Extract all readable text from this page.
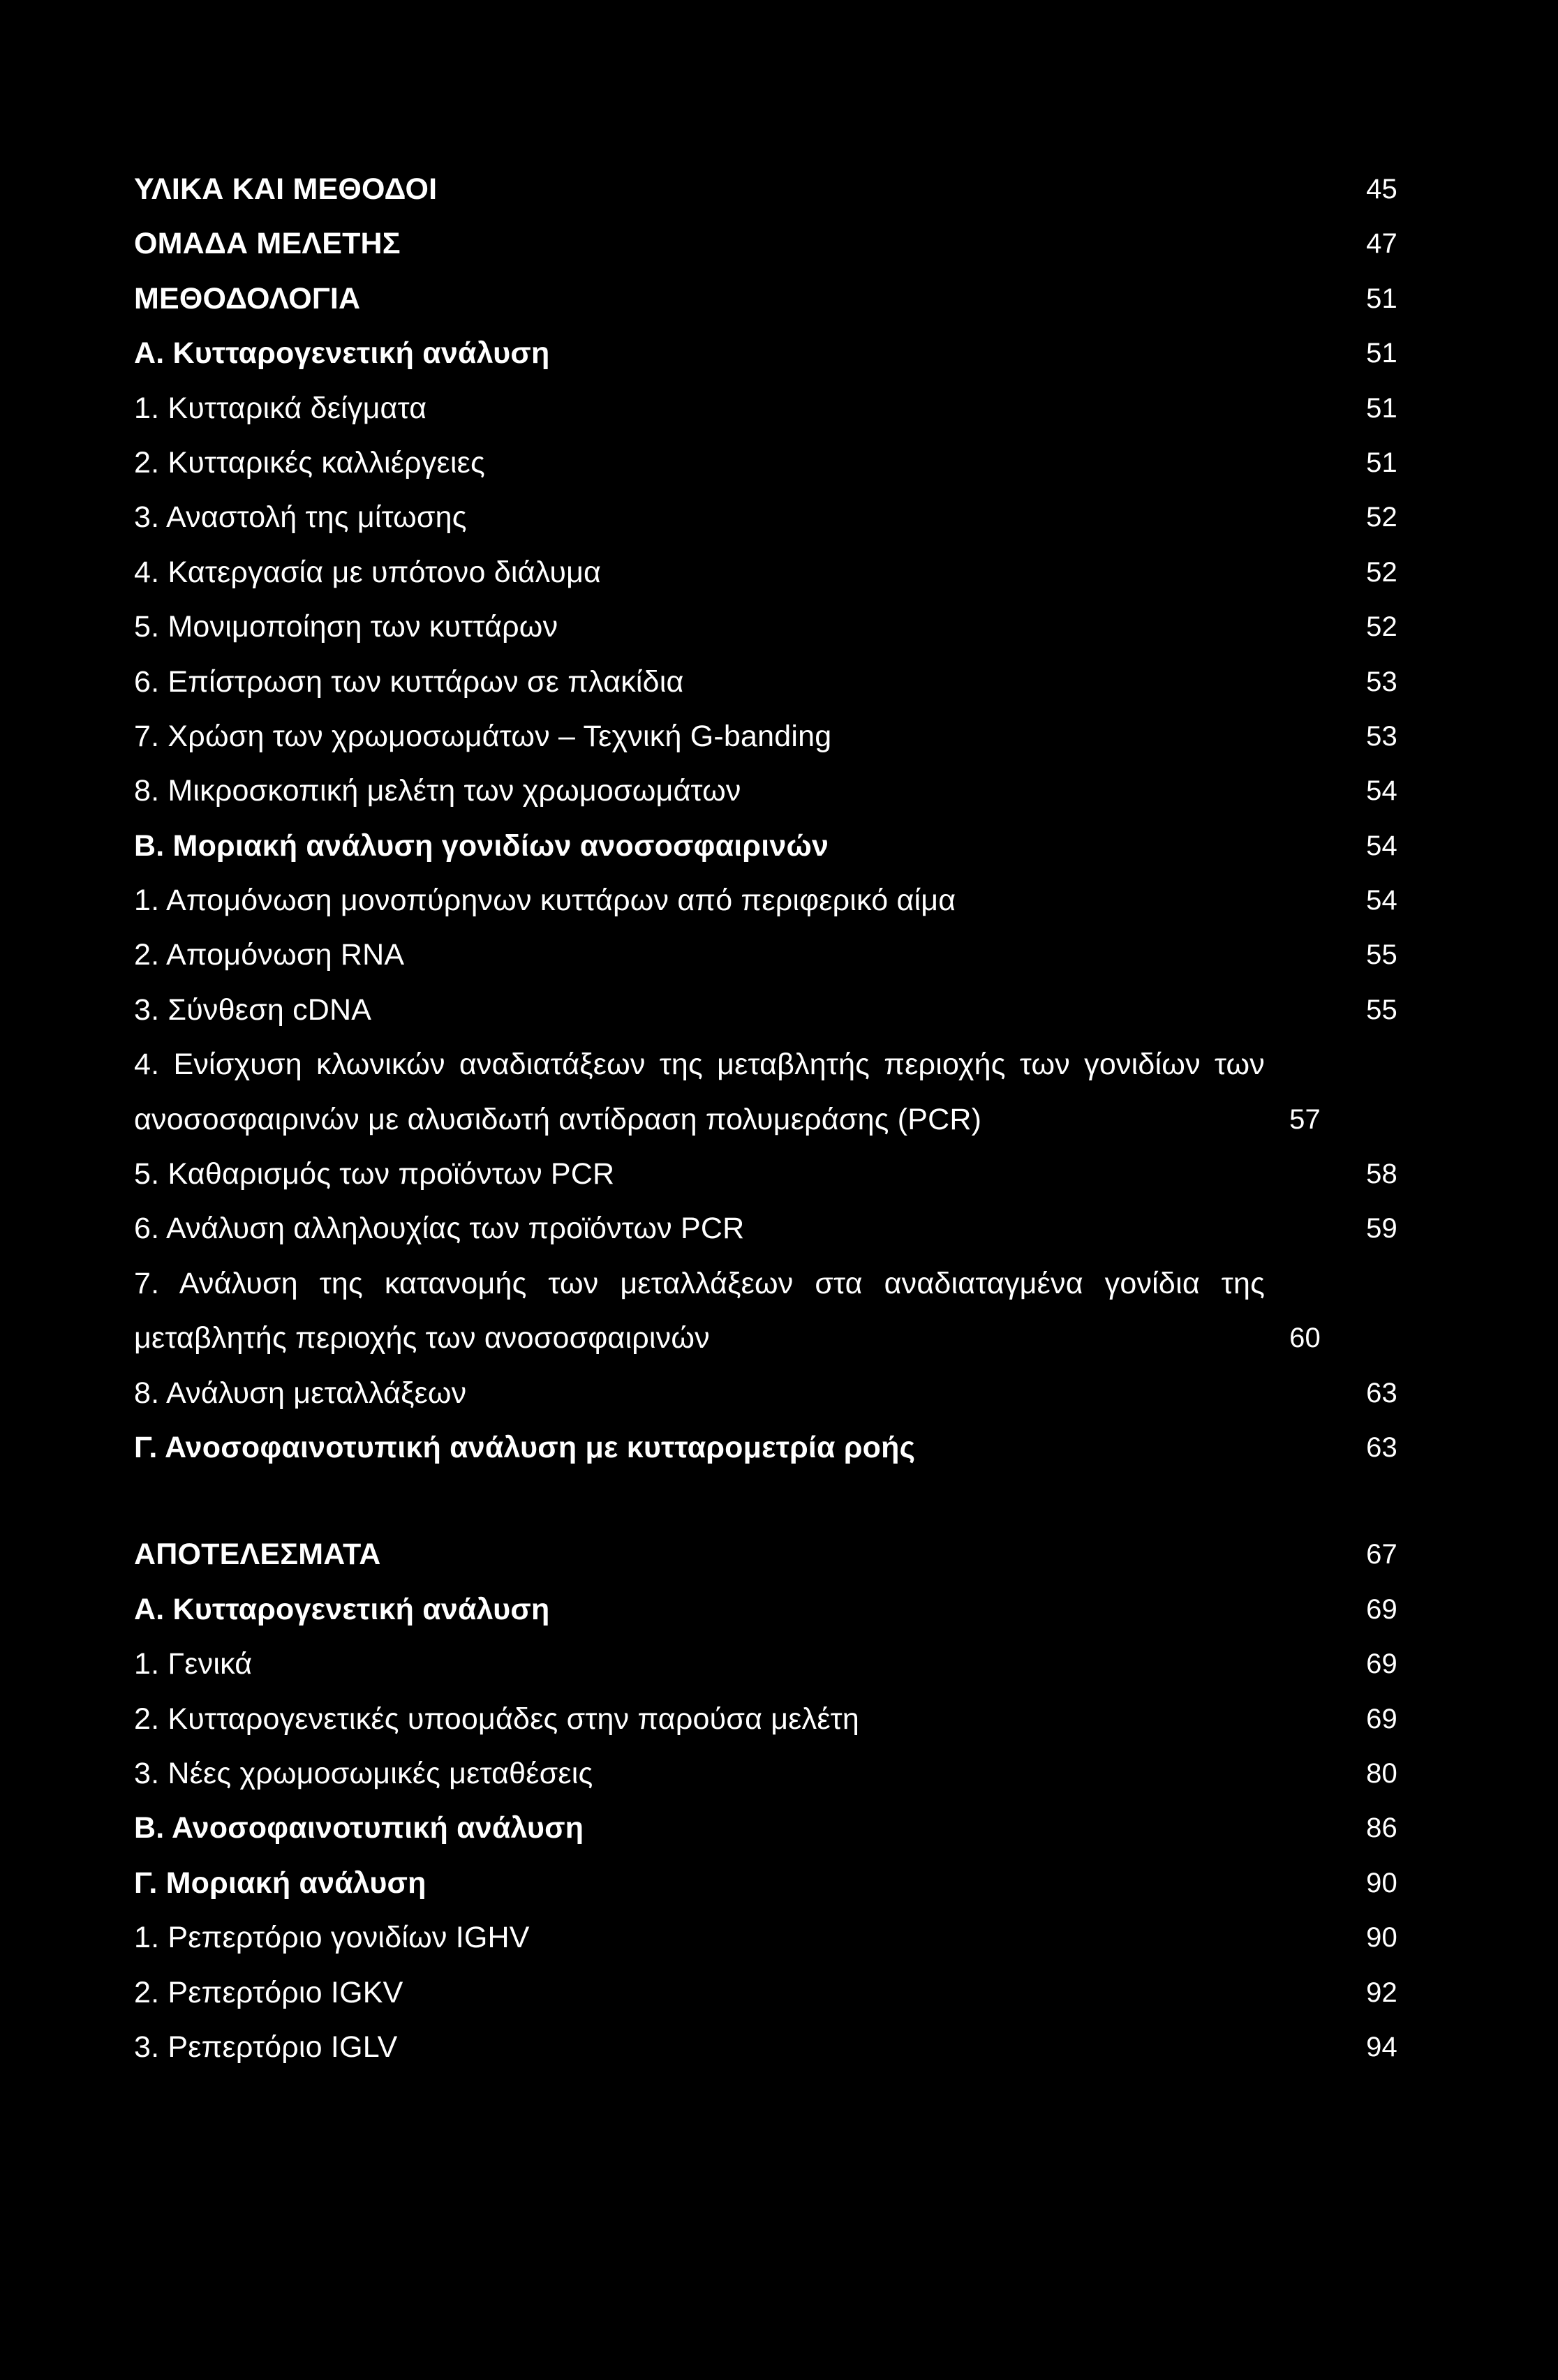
ΥΛΙΚΑ ΚΑΙ ΜΕΘΟΔΟΙ	45
ΟΜΑΔΑ ΜΕΛΕΤΗΣ	47
ΜΕΘΟΔΟΛΟΓΙΑ	51
Α. Κυτταρογενετική ανάλυση	51
1. Κυτταρικά δείγματα	51
2. Κυτταρικές καλλιέργειες	51
3. Αναστολή της μίτωσης	52
4. Κατεργασία με υπότονο διάλυμα	52
5. Μονιμοποίηση των κυττάρων	52
6. Επίστρωση των κυττάρων σε πλακίδια	53
7. Χρώση των χρωμοσωμάτων – Τεχνική G-banding	53
8. Μικροσκοπική μελέτη των χρωμοσωμάτων	54
Β. Μοριακή ανάλυση γονιδίων ανοσοσφαιρινών	54
1. Απομόνωση μονοπύρηνων κυττάρων από περιφερικό αίμα	54
2. Απομόνωση RNA	55
3. Σύνθεση cDNA	55
4. Ενίσχυση κλωνικών αναδιατάξεων της μεταβλητής περιοχής των γονιδίων των ανοσοσφαιρινών με αλυσιδωτή αντίδραση πολυμεράσης (PCR)	57
5. Καθαρισμός των προϊόντων PCR	58
6. Ανάλυση αλληλουχίας των προϊόντων PCR	59
7. Ανάλυση της κατανομής των μεταλλάξεων στα αναδιαταγμένα γονίδια της μεταβλητής περιοχής των ανοσοσφαιρινών	60
8. Ανάλυση μεταλλάξεων	63
Γ. Ανοσοφαινοτυπική ανάλυση με κυτταρομετρία ροής	63
ΑΠΟΤΕΛΕΣΜΑΤΑ	67
Α. Κυτταρογενετική ανάλυση	69
1. Γενικά	69
2. Κυτταρογενετικές υποομάδες στην παρούσα μελέτη	69
3. Νέες χρωμοσωμικές μεταθέσεις	80
Β. Ανοσοφαινοτυπική ανάλυση	86
Γ. Μοριακή ανάλυση	90
1. Ρεπερτόριο γονιδίων IGHV	90
2. Ρεπερτόριο IGKV	92
3. Ρεπερτόριο IGLV	94
